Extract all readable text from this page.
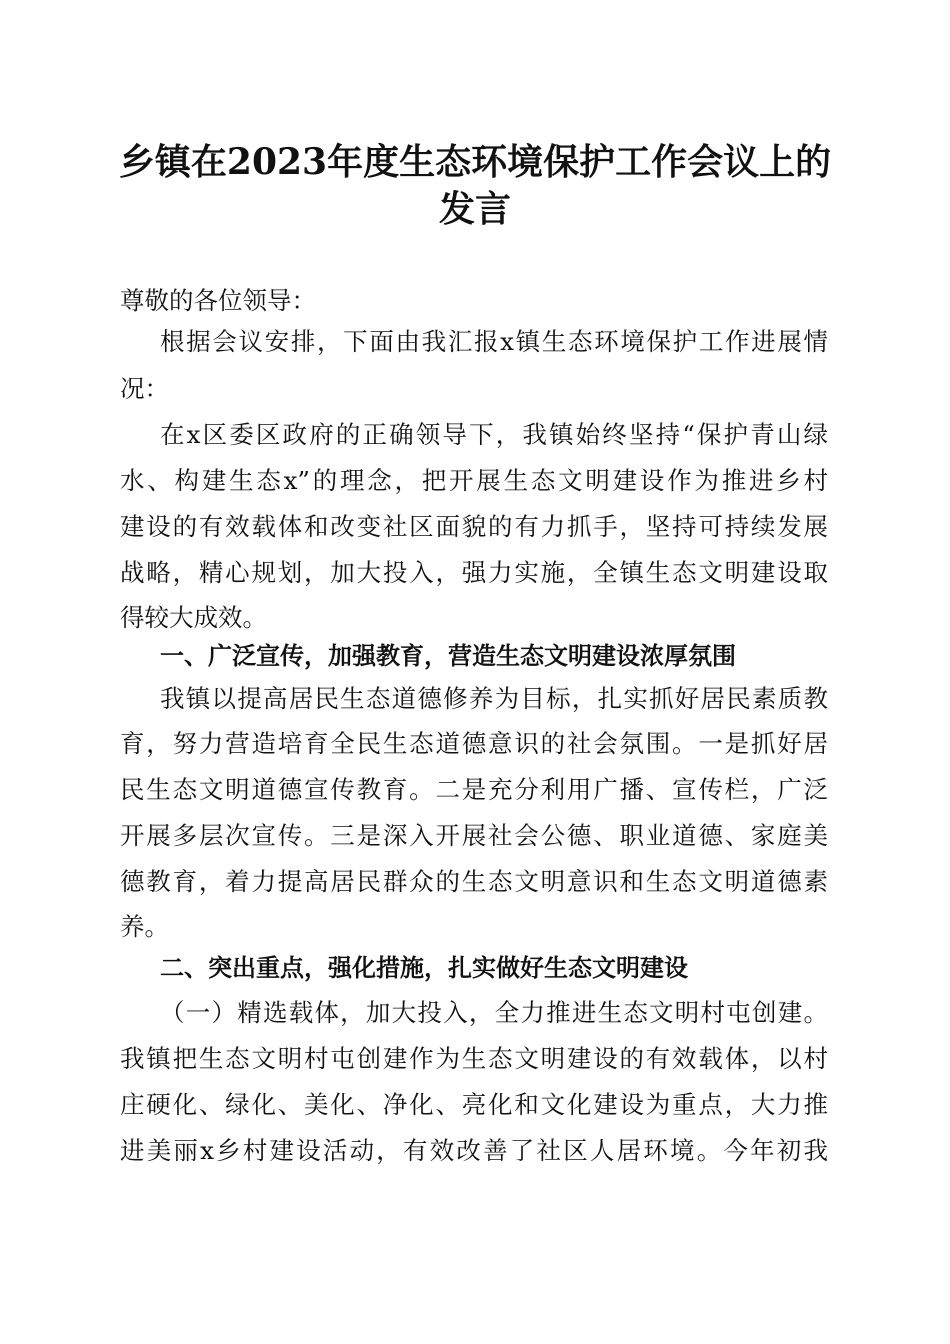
乡镇在2023年度生态环境保护工作会议上的
发言
尊敬的各位领导：
根据会议安排，下面由我汇报x镇生态环境保护工作进展情
况：
在x区委区政府的正确领导下，我镇始终坚持“保护青山绿
水、构建生态x”的理念，把开展生态文明建设作为推进乡村
建设的有效载体和改变社区面貌的有力抓手，坚持可持续发展
战略，精心规划，加大投入，强力实施，全镇生态文明建设取
得较大成效。
一、广泛宣传，加强教育，营造生态文明建设浓厚氛围
我镇以提高居民生态道德修养为目标，扎实抓好居民素质教
育，努力营造培育全民生态道德意识的社会氛围。一是抓好居
民生态文明道德宣传教育。二是充分利用广播、宣传栏，广泛
开展多层次宣传。三是深入开展社会公德、职业道德、家庭美
德教育，着力提高居民群众的生态文明意识和生态文明道德素
养。
二、突出重点，强化措施，扎实做好生态文明建设
（一）精选载体，加大投入，全力推进生态文明村屯创建。
我镇把生态文明村屯创建作为生态文明建设的有效载体，以村
庄硬化、绿化、美化、净化、亮化和文化建设为重点，大力推
进美丽x乡村建设活动，有效改善了社区人居环境。今年初我
